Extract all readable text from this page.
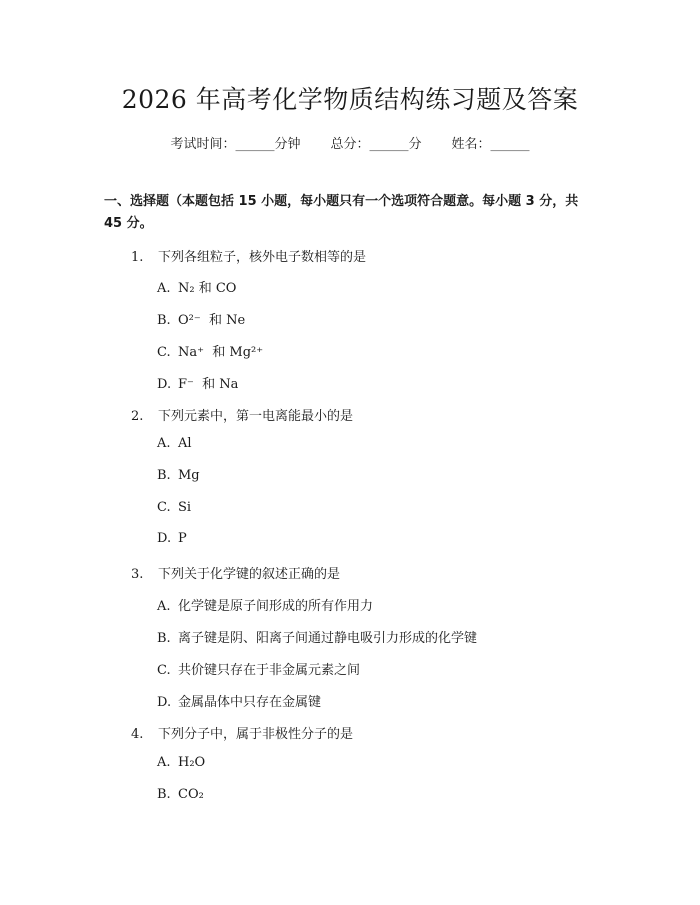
2026 年高考化学物质结构练习题及答案
考试时间：______分钟 总分：______分 姓名：______
一、选择题（本题包括 15 小题，每小题只有一个选项符合题意。每小题 3 分，共
45 分。
1. 下列各组粒子，核外电子数相等的是
A. N₂ 和 CO
B. O²⁻  和 Ne
C. Na⁺  和 Mg²⁺
D. F⁻  和 Na
2. 下列元素中，第一电离能最小的是
A. Al
B. Mg
C. Si
D. P
3. 下列关于化学键的叙述正确的是
A. 化学键是原子间形成的所有作用力
B. 离子键是阴、阳离子间通过静电吸引力形成的化学键
C. 共价键只存在于非金属元素之间
D. 金属晶体中只存在金属键
4. 下列分子中，属于非极性分子的是
A. H₂O
B. CO₂
